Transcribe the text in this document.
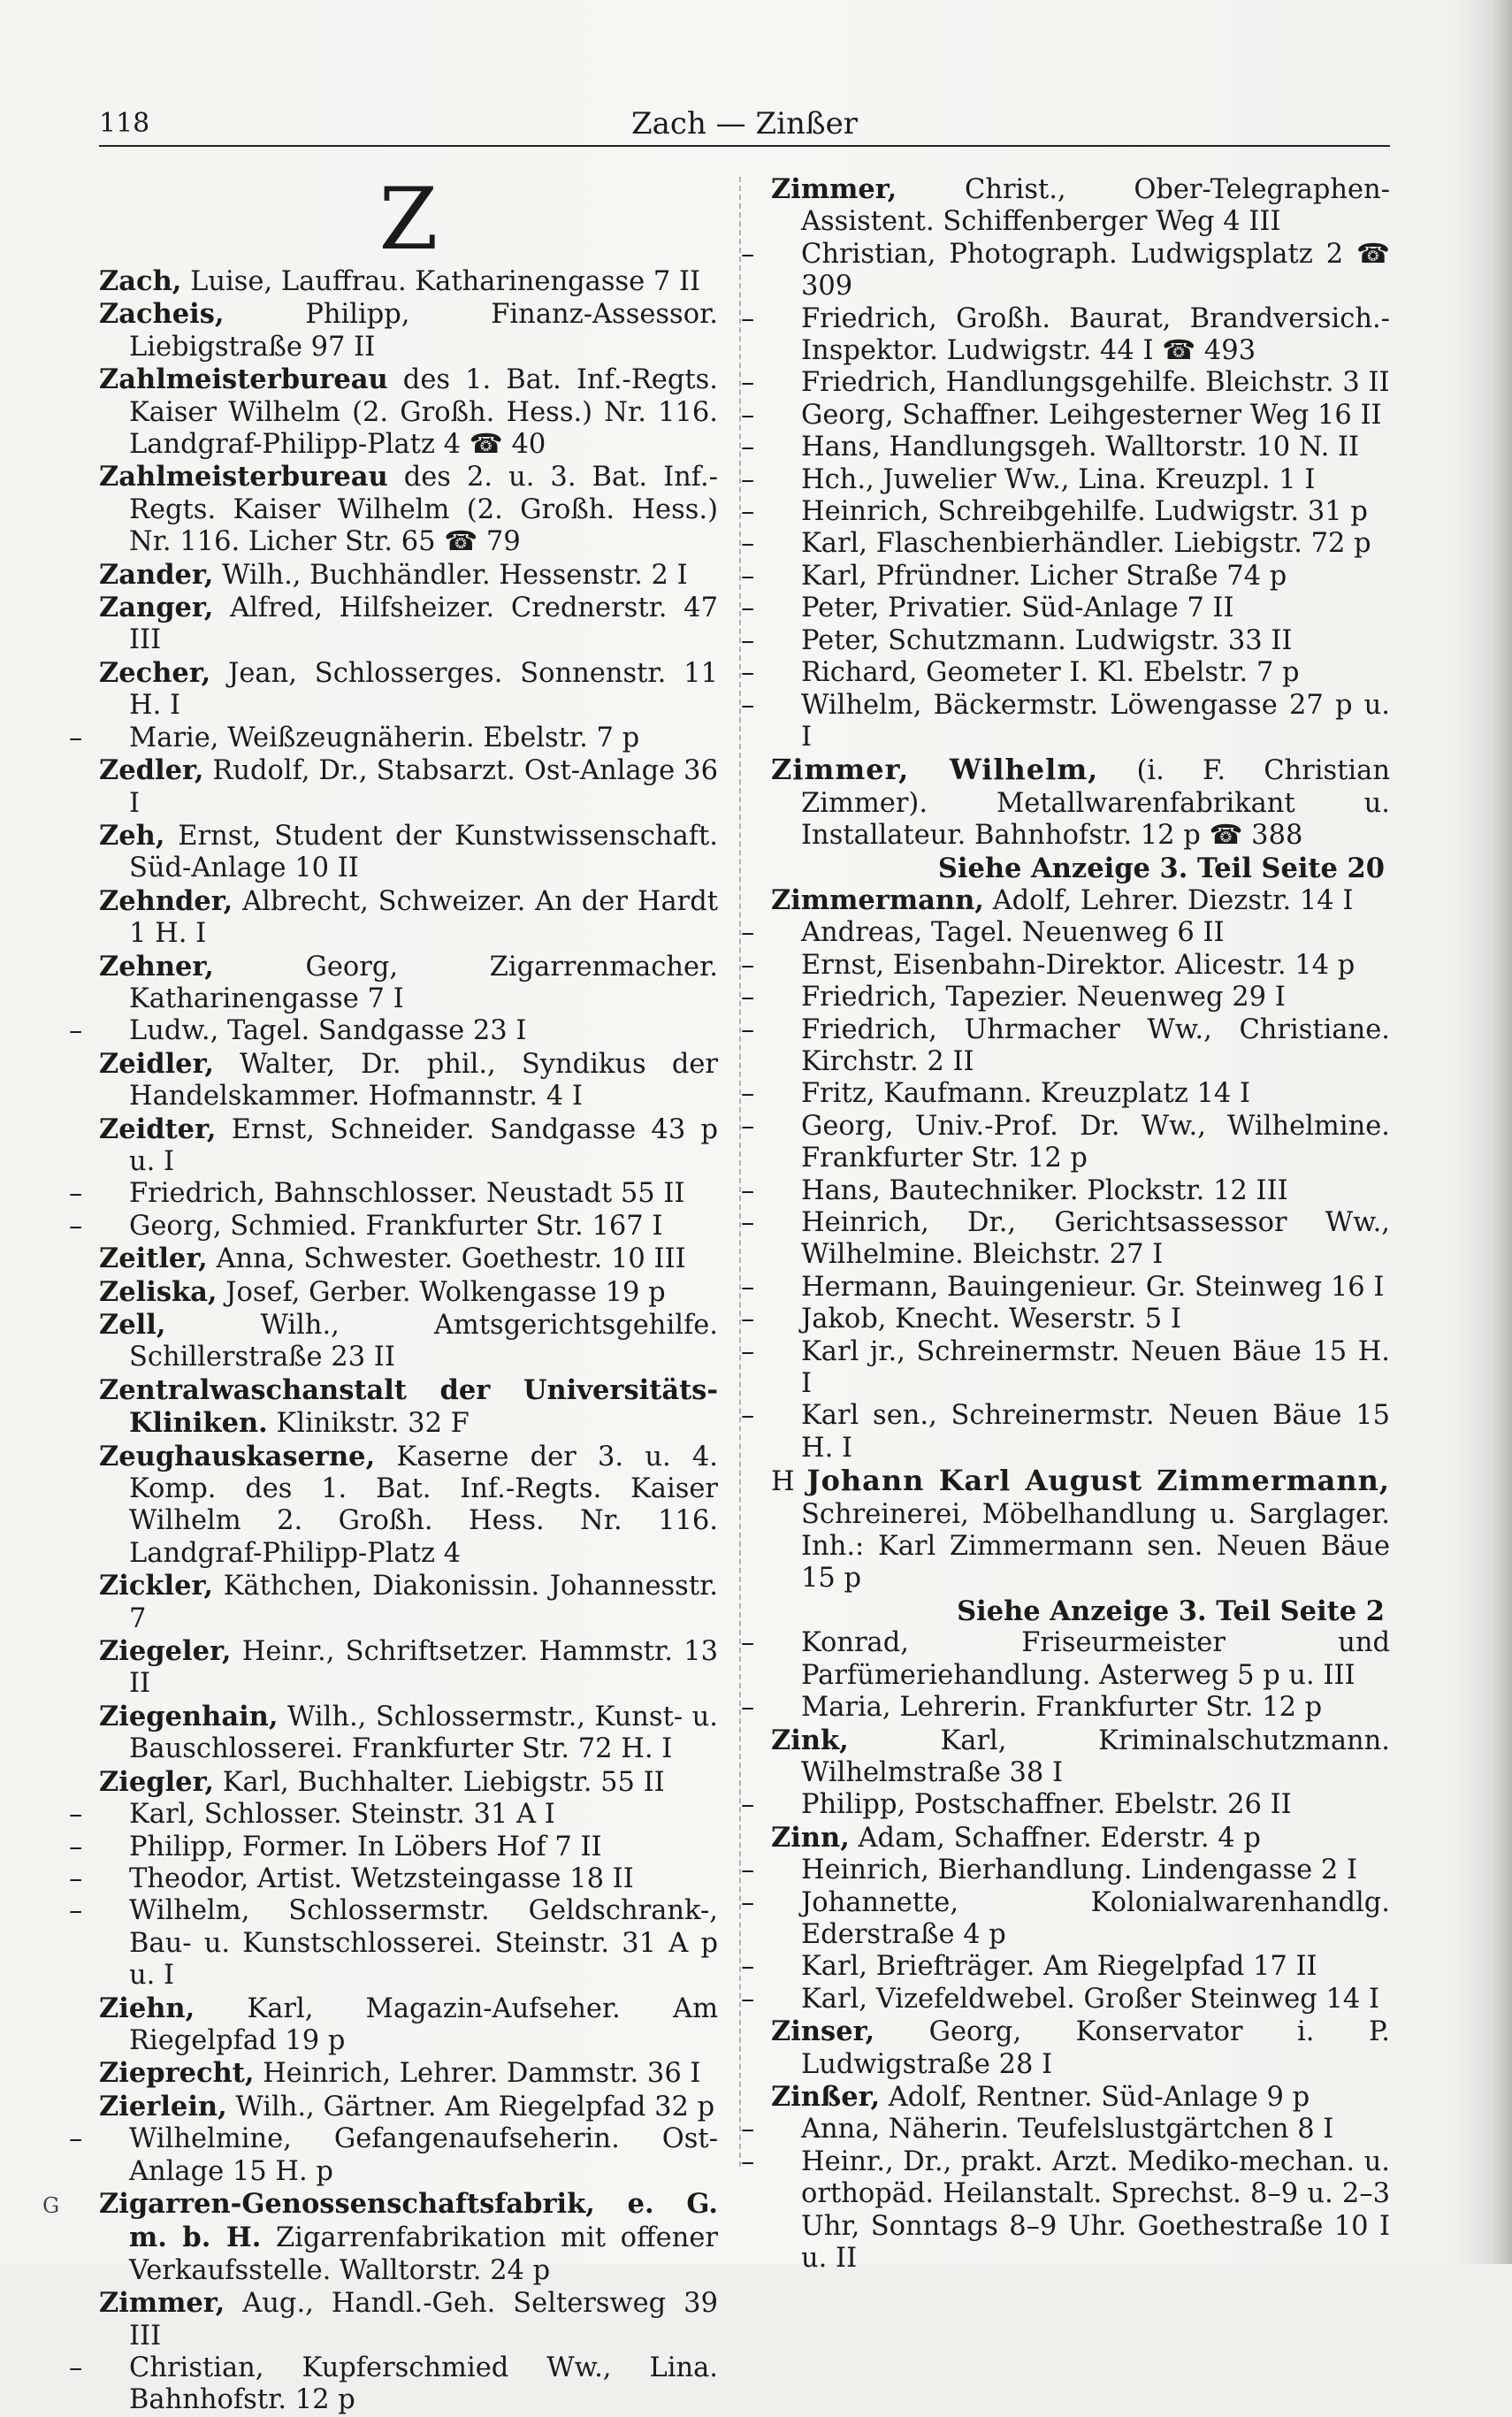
118	Zach — Zinßer
Z
Zach, Luise, Lauffrau. Katharinengasse 7 II
Zacheis, Philipp, Finanz-Assessor. Liebigstraße 97 II
Zahlmeisterbureau des 1. Bat. Inf.-Regts. Kaiser Wilhelm (2. Großh. Hess.) Nr. 116. Landgraf-Philipp-Platz 4 ☎ 40
Zahlmeisterbureau des 2. u. 3. Bat. Inf.-Regts. Kaiser Wilhelm (2. Großh. Hess.) Nr. 116. Licher Str. 65 ☎ 79
Zander, Wilh., Buchhändler. Hessenstr. 2 I
Zanger, Alfred, Hilfsheizer. Crednerstr. 47 III
Zecher, Jean, Schlosserges. Sonnenstr. 11 H. I
– Marie, Weißzeugnäherin. Ebelstr. 7 p
Zedler, Rudolf, Dr., Stabsarzt. Ost-Anlage 36 I
Zeh, Ernst, Student der Kunstwissenschaft. Süd-Anlage 10 II
Zehnder, Albrecht, Schweizer. An der Hardt 1 H. I
Zehner, Georg, Zigarrenmacher. Katharinengasse 7 I
– Ludw., Tagel. Sandgasse 23 I
Zeidler, Walter, Dr. phil., Syndikus der Handelskammer. Hofmannstr. 4 I
Zeidter, Ernst, Schneider. Sandgasse 43 p u. I
– Friedrich, Bahnschlosser. Neustadt 55 II
– Georg, Schmied. Frankfurter Str. 167 I
Zeitler, Anna, Schwester. Goethestr. 10 III
Zeliska, Josef, Gerber. Wolkengasse 19 p
Zell, Wilh., Amtsgerichtsgehilfe. Schillerstraße 23 II
Zentralwaschanstalt der Universitäts-Kliniken. Klinikstr. 32 F
Zeughauskaserne, Kaserne der 3. u. 4. Komp. des 1. Bat. Inf.-Regts. Kaiser Wilhelm 2. Großh. Hess. Nr. 116. Landgraf-Philipp-Platz 4
Zickler, Käthchen, Diakonissin. Johannesstr. 7
Ziegeler, Heinr., Schriftsetzer. Hammstr. 13 II
Ziegenhain, Wilh., Schlossermstr., Kunst- u. Bauschlosserei. Frankfurter Str. 72 H. I
Ziegler, Karl, Buchhalter. Liebigstr. 55 II
– Karl, Schlosser. Steinstr. 31 A I
– Philipp, Former. In Löbers Hof 7 II
– Theodor, Artist. Wetzsteingasse 18 II
– Wilhelm, Schlossermstr. Geldschrank-, Bau- u. Kunstschlosserei. Steinstr. 31 A p u. I
Ziehn, Karl, Magazin-Aufseher. Am Riegelpfad 19 p
Zieprecht, Heinrich, Lehrer. Dammstr. 36 I
Zierlein, Wilh., Gärtner. Am Riegelpfad 32 p
– Wilhelmine, Gefangenaufseherin. Ost-Anlage 15 H. p
G Zigarren-Genossenschaftsfabrik, e. G. m. b. H. Zigarrenfabrikation mit offener Verkaufsstelle. Walltorstr. 24 p
Zimmer, Aug., Handl.-Geh. Seltersweg 39 III
– Christian, Kupferschmied Ww., Lina. Bahnhofstr. 12 p
Zimmer, Christ., Ober-Telegraphen-Assistent. Schiffenberger Weg 4 III
– Christian, Photograph. Ludwigsplatz 2 ☎ 309
– Friedrich, Großh. Baurat, Brandversich.-Inspektor. Ludwigstr. 44 I ☎ 493
– Friedrich, Handlungsgehilfe. Bleichstr. 3 II
– Georg, Schaffner. Leihgesterner Weg 16 II
– Hans, Handlungsgeh. Walltorstr. 10 N. II
– Hch., Juwelier Ww., Lina. Kreuzpl. 1 I
– Heinrich, Schreibgehilfe. Ludwigstr. 31 p
– Karl, Flaschenbierhändler. Liebigstr. 72 p
– Karl, Pfründner. Licher Straße 74 p
– Peter, Privatier. Süd-Anlage 7 II
– Peter, Schutzmann. Ludwigstr. 33 II
– Richard, Geometer I. Kl. Ebelstr. 7 p
– Wilhelm, Bäckermstr. Löwengasse 27 p u. I
Zimmer, Wilhelm, (i. F. Christian Zimmer). Metallwarenfabrikant u. Installateur. Bahnhofstr. 12 p ☎ 388
Siehe Anzeige 3. Teil Seite 20
Zimmermann, Adolf, Lehrer. Diezstr. 14 I
– Andreas, Tagel. Neuenweg 6 II
– Ernst, Eisenbahn-Direktor. Alicestr. 14 p
– Friedrich, Tapezier. Neuenweg 29 I
– Friedrich, Uhrmacher Ww., Christiane. Kirchstr. 2 II
– Fritz, Kaufmann. Kreuzplatz 14 I
– Georg, Univ.-Prof. Dr. Ww., Wilhelmine. Frankfurter Str. 12 p
– Hans, Bautechniker. Plockstr. 12 III
– Heinrich, Dr., Gerichtsassessor Ww., Wilhelmine. Bleichstr. 27 I
– Hermann, Bauingenieur. Gr. Steinweg 16 I
– Jakob, Knecht. Weserstr. 5 I
– Karl jr., Schreinermstr. Neuen Bäue 15 H. I
– Karl sen., Schreinermstr. Neuen Bäue 15 H. I
H Johann Karl August Zimmermann, Schreinerei, Möbelhandlung u. Sarglager. Inh.: Karl Zimmermann sen. Neuen Bäue 15 p
Siehe Anzeige 3. Teil Seite 2
– Konrad, Friseurmeister und Parfümeriehandlung. Asterweg 5 p u. III
– Maria, Lehrerin. Frankfurter Str. 12 p
Zink, Karl, Kriminalschutzmann. Wilhelmstraße 38 I
– Philipp, Postschaffner. Ebelstr. 26 II
Zinn, Adam, Schaffner. Ederstr. 4 p
– Heinrich, Bierhandlung. Lindengasse 2 I
– Johannette, Kolonialwarenhandlg. Ederstraße 4 p
– Karl, Briefträger. Am Riegelpfad 17 II
– Karl, Vizefeldwebel. Großer Steinweg 14 I
Zinser, Georg, Konservator i. P. Ludwigstraße 28 I
Zinßer, Adolf, Rentner. Süd-Anlage 9 p
– Anna, Näherin. Teufelslustgärtchen 8 I
– Heinr., Dr., prakt. Arzt. Mediko-mechan. u. orthopäd. Heilanstalt. Sprechst. 8–9 u. 2–3 Uhr, Sonntags 8–9 Uhr. Goethestraße 10 I u. II
